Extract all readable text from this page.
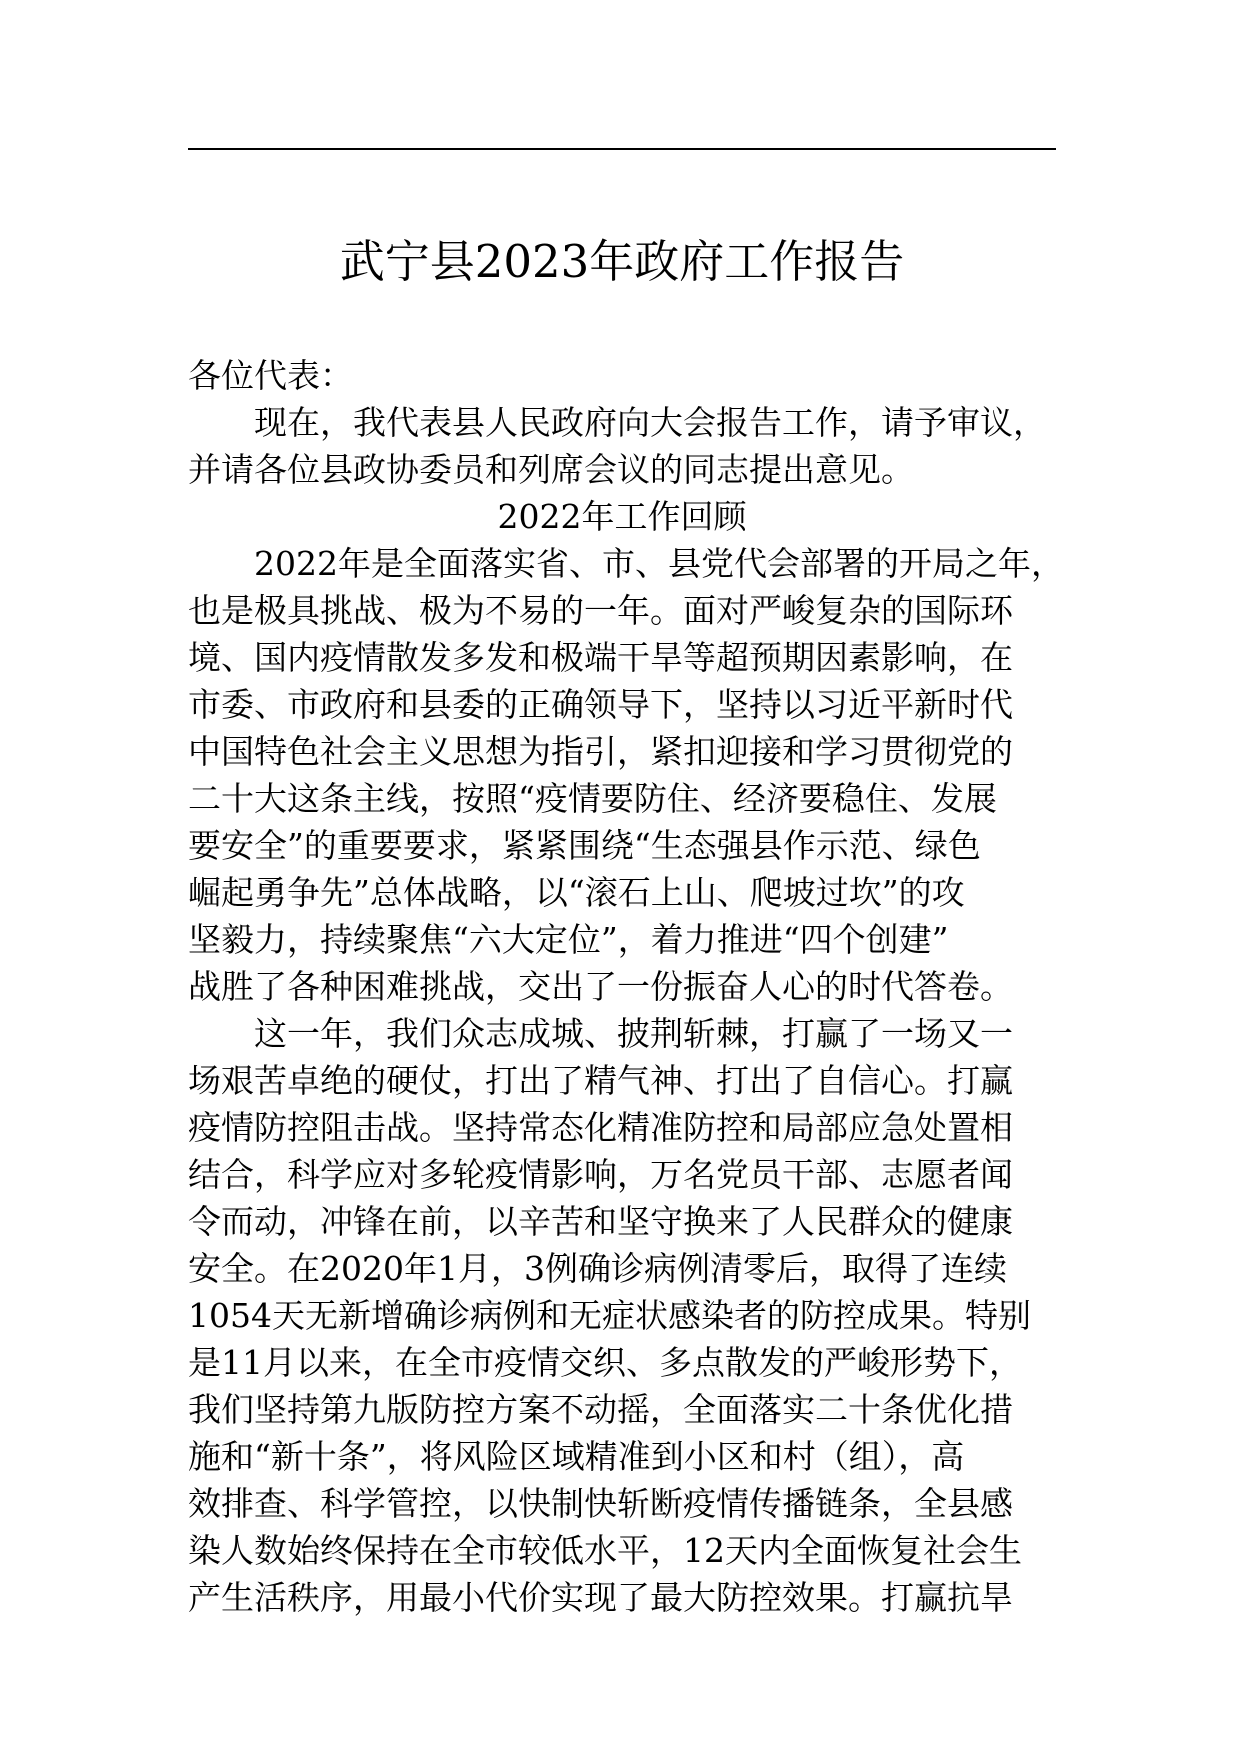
武宁县2023年政府工作报告
各位代表：
现在，我代表县人民政府向大会报告工作，请予审议，
并请各位县政协委员和列席会议的同志提出意见。
2022年工作回顾
2022年是全面落实省、市、县党代会部署的开局之年，
也是极具挑战、极为不易的一年。面对严峻复杂的国际环
境、国内疫情散发多发和极端干旱等超预期因素影响，在
市委、市政府和县委的正确领导下，坚持以习近平新时代
中国特色社会主义思想为指引，紧扣迎接和学习贯彻党的
二十大这条主线，按照“疫情要防住、经济要稳住、发展
要安全”的重要要求，紧紧围绕“生态强县作示范、绿色
崛起勇争先”总体战略，以“滚石上山、爬坡过坎”的攻
坚毅力，持续聚焦“六大定位”，着力推进“四个创建”
战胜了各种困难挑战，交出了一份振奋人心的时代答卷。
这一年，我们众志成城、披荆斩棘，打赢了一场又一
场艰苦卓绝的硬仗，打出了精气神、打出了自信心。打赢
疫情防控阻击战。坚持常态化精准防控和局部应急处置相
结合，科学应对多轮疫情影响，万名党员干部、志愿者闻
令而动，冲锋在前，以辛苦和坚守换来了人民群众的健康
安全。在2020年1月，3例确诊病例清零后，取得了连续
1054天无新增确诊病例和无症状感染者的防控成果。特别
是11月以来，在全市疫情交织、多点散发的严峻形势下，
我们坚持第九版防控方案不动摇，全面落实二十条优化措
施和“新十条”，将风险区域精准到小区和村（组），高
效排查、科学管控，以快制快斩断疫情传播链条，全县感
染人数始终保持在全市较低水平，12天内全面恢复社会生
产生活秩序，用最小代价实现了最大防控效果。打赢抗旱
